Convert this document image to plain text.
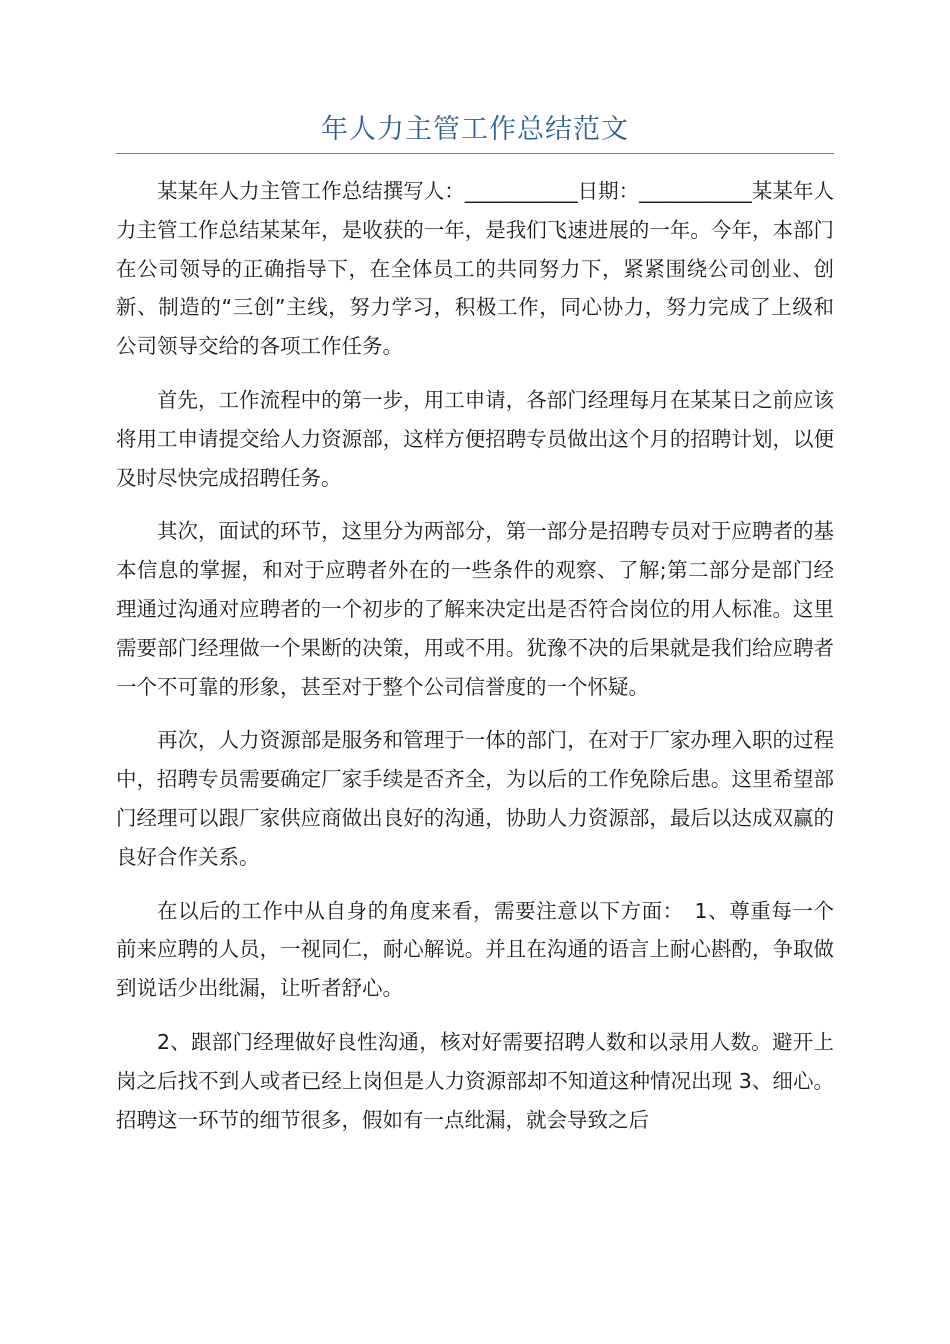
年人力主管工作总结范文

某某年人力主管工作总结撰写人：___________日期：___________某某年人力主管工作总结某某年，是收获的一年，是我们飞速进展的一年。今年，本部门在公司领导的正确指导下，在全体员工的共同努力下，紧紧围绕公司创业、创新、制造的“三创”主线，努力学习，积极工作，同心协力，努力完成了上级和公司领导交给的各项工作任务。

首先，工作流程中的第一步，用工申请，各部门经理每月在某某日之前应该将用工申请提交给人力资源部，这样方便招聘专员做出这个月的招聘计划，以便及时尽快完成招聘任务。

其次，面试的环节，这里分为两部分，第一部分是招聘专员对于应聘者的基本信息的掌握，和对于应聘者外在的一些条件的观察、了解;第二部分是部门经理通过沟通对应聘者的一个初步的了解来决定出是否符合岗位的用人标准。这里需要部门经理做一个果断的决策，用或不用。犹豫不决的后果就是我们给应聘者一个不可靠的形象，甚至对于整个公司信誉度的一个怀疑。

再次，人力资源部是服务和管理于一体的部门，在对于厂家办理入职的过程中，招聘专员需要确定厂家手续是否齐全，为以后的工作免除后患。这里希望部门经理可以跟厂家供应商做出良好的沟通，协助人力资源部，最后以达成双赢的良好合作关系。

在以后的工作中从自身的角度来看，需要注意以下方面：　1、尊重每一个前来应聘的人员，一视同仁，耐心解说。并且在沟通的语言上耐心斟酌，争取做到说话少出纰漏，让听者舒心。

2、跟部门经理做好良性沟通，核对好需要招聘人数和以录用人数。避开上岗之后找不到人或者已经上岗但是人力资源部却不知道这种情况出现 3、细心。招聘这一环节的细节很多，假如有一点纰漏，就会导致之后
